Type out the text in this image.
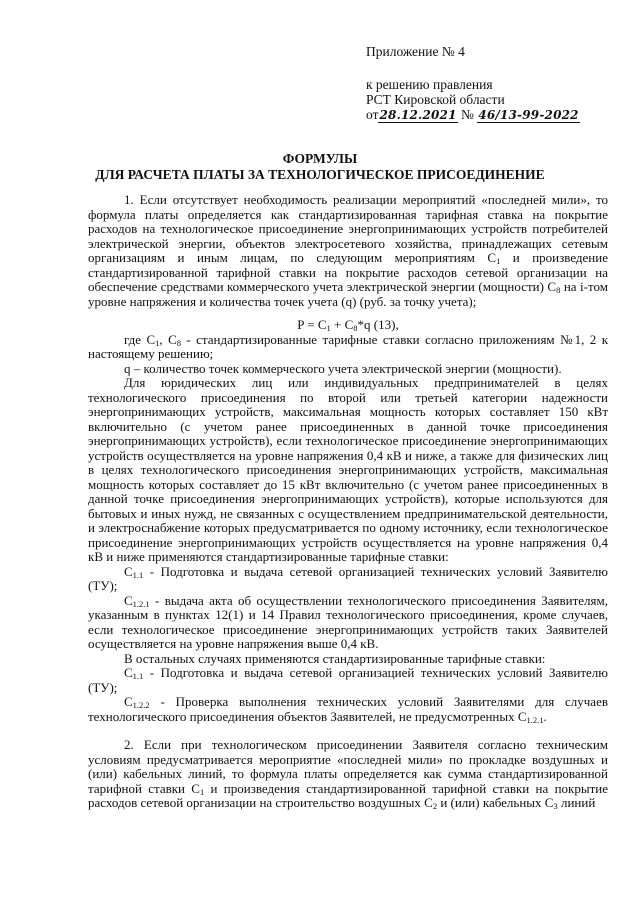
Приложение № 4
к решению правления
РСТ Кировской области
от28.12.2021 № 46/13-99-2022
ФОРМУЛЫ
ДЛЯ РАСЧЕТА ПЛАТЫ ЗА ТЕХНОЛОГИЧЕСКОЕ ПРИСОЕДИНЕНИЕ

1. Если отсутствует необходимость реализации мероприятий «последней мили», то формула платы определяется как стандартизированная тарифная ставка на покрытие расходов на технологическое присоединение энергопринимающих устройств потребителей электрической энергии, объектов электросетевого хозяйства, принадлежащих сетевым организациям и иным лицам, по следующим мероприятиям $С_1$ и произведение стандартизированной тарифной ставки на покрытие расходов сетевой организации на обеспечение средствами коммерческого учета электрической энергии (мощности) $С_8$ на i-том уровне напряжения и количества точек учета (q) (руб. за точку учета);

$P = C_1 + C_8*q$ (13),

где $С_1$, $С_8$ - стандартизированные тарифные ставки согласно приложениям №1, 2 к настоящему решению;

q – количество точек коммерческого учета электрической энергии (мощности).

Для юридических лиц или индивидуальных предпринимателей в целях технологического присоединения по второй или третьей категории надежности энергопринимающих устройств, максимальная мощность которых составляет 150 кВт включительно (с учетом ранее присоединенных в данной точке присоединения энергопринимающих устройств), если технологическое присоединение энергопринимающих устройств осуществляется на уровне напряжения 0,4 кВ и ниже, а также для физических лиц в целях технологического присоединения энергопринимающих устройств, максимальная мощность которых составляет до 15 кВт включительно (с учетом ранее присоединенных в данной точке присоединения энергопринимающих устройств), которые используются для бытовых и иных нужд, не связанных с осуществлением предпринимательской деятельности, и электроснабжение которых предусматривается по одному источнику, если технологическое присоединение энергопринимающих устройств осуществляется на уровне напряжения 0,4 кВ и ниже применяются стандартизированные тарифные ставки:

$С_{1.1}$ - Подготовка и выдача сетевой организацией технических условий Заявителю (ТУ);

$С_{1.2.1}$ - выдача акта об осуществлении технологического присоединения Заявителям, указанным в пунктах 12(1) и 14 Правил технологического присоединения, кроме случаев, если технологическое присоединение энергопринимающих устройств таких Заявителей осуществляется на уровне напряжения выше 0,4 кВ.

В остальных случаях применяются стандартизированные тарифные ставки:

$С_{1.1}$ - Подготовка и выдача сетевой организацией технических условий Заявителю (ТУ);

$С_{1.2.2}$ - Проверка выполнения технических условий Заявителями для случаев технологического присоединения объектов Заявителей, не предусмотренных $С_{1.2.1}$.

2. Если при технологическом присоединении Заявителя согласно техническим условиям предусматривается мероприятие «последней мили» по прокладке воздушных и (или) кабельных линий, то формула платы определяется как сумма стандартизированной тарифной ставки $С_1$ и произведения стандартизированной тарифной ставки на покрытие расходов сетевой организации на строительство воздушных $С_2$ и (или) кабельных $С_3$ линий
